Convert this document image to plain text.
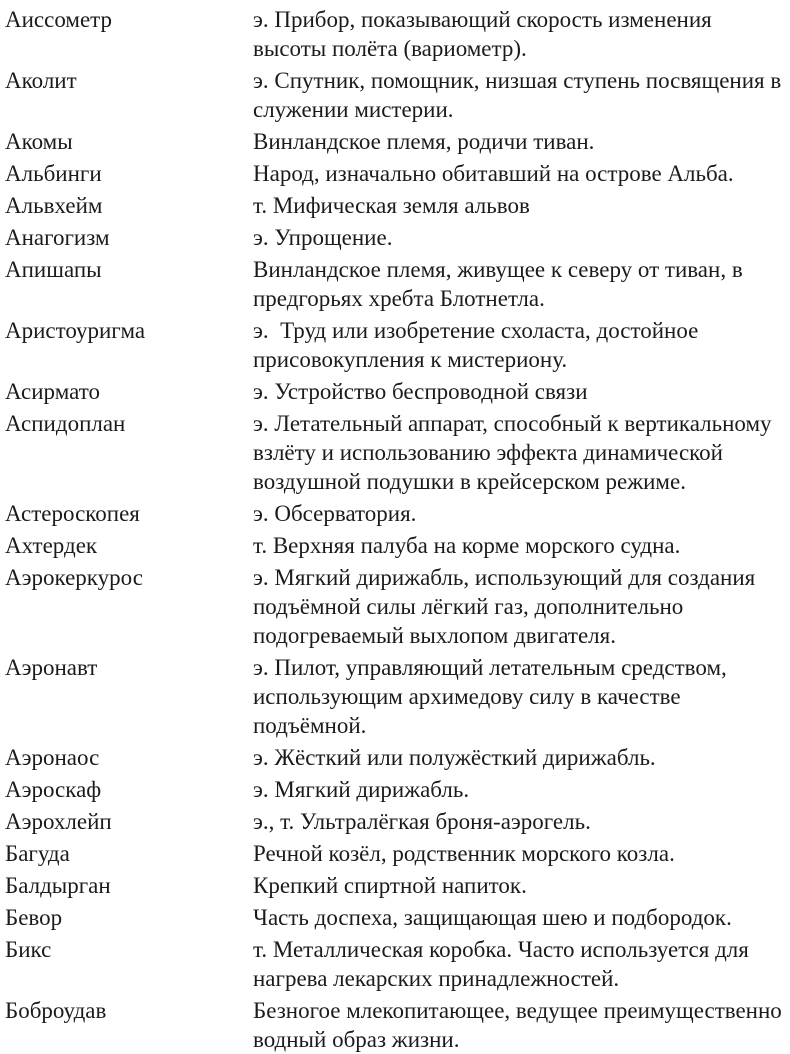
Аиссометр	э. Прибор, показывающий скорость изменения
высоты полёта (вариометр).
Аколит	э. Спутник, помощник, низшая ступень посвящения в
служении мистерии.
Акомы	Винландское племя, родичи тиван.
Альбинги	Народ, изначально обитавший на острове Альба.
Альвхейм	т. Мифическая земля альвов
Анагогизм	э. Упрощение.
Апишапы	Винландское племя, живущее к северу от тиван, в
предгорьях хребта Блотнетла.
Аристоуригма	э.  Труд или изобретение схоласта, достойное
присовокупления к мистериону.
Асирмато	э. Устройство беспроводной связи
Аспидоплан	э. Летательный аппарат, способный к вертикальному
взлёту и использованию эффекта динамической
воздушной подушки в крейсерском режиме.
Астероскопея	э. Обсерватория.
Ахтердек	т. Верхняя палуба на корме морского судна.
Аэрокеркурос	э. Мягкий дирижабль, использующий для создания
подъёмной силы лёгкий газ, дополнительно
подогреваемый выхлопом двигателя.
Аэронавт	э. Пилот, управляющий летательным средством,
использующим архимедову силу в качестве
подъёмной.
Аэронаос	э. Жёсткий или полужёсткий дирижабль.
Аэроскаф	э. Мягкий дирижабль.
Аэрохлейп	э., т. Ультралёгкая броня-аэрогель.
Багуда	Речной козёл, родственник морского козла.
Балдырган	Крепкий спиртной напиток.
Бевор	Часть доспеха, защищающая шею и подбородок.
Бикс	т. Металлическая коробка. Часто используется для
нагрева лекарских принадлежностей.
Боброудав	Безногое млекопитающее, ведущее преимущественно
водный образ жизни.
